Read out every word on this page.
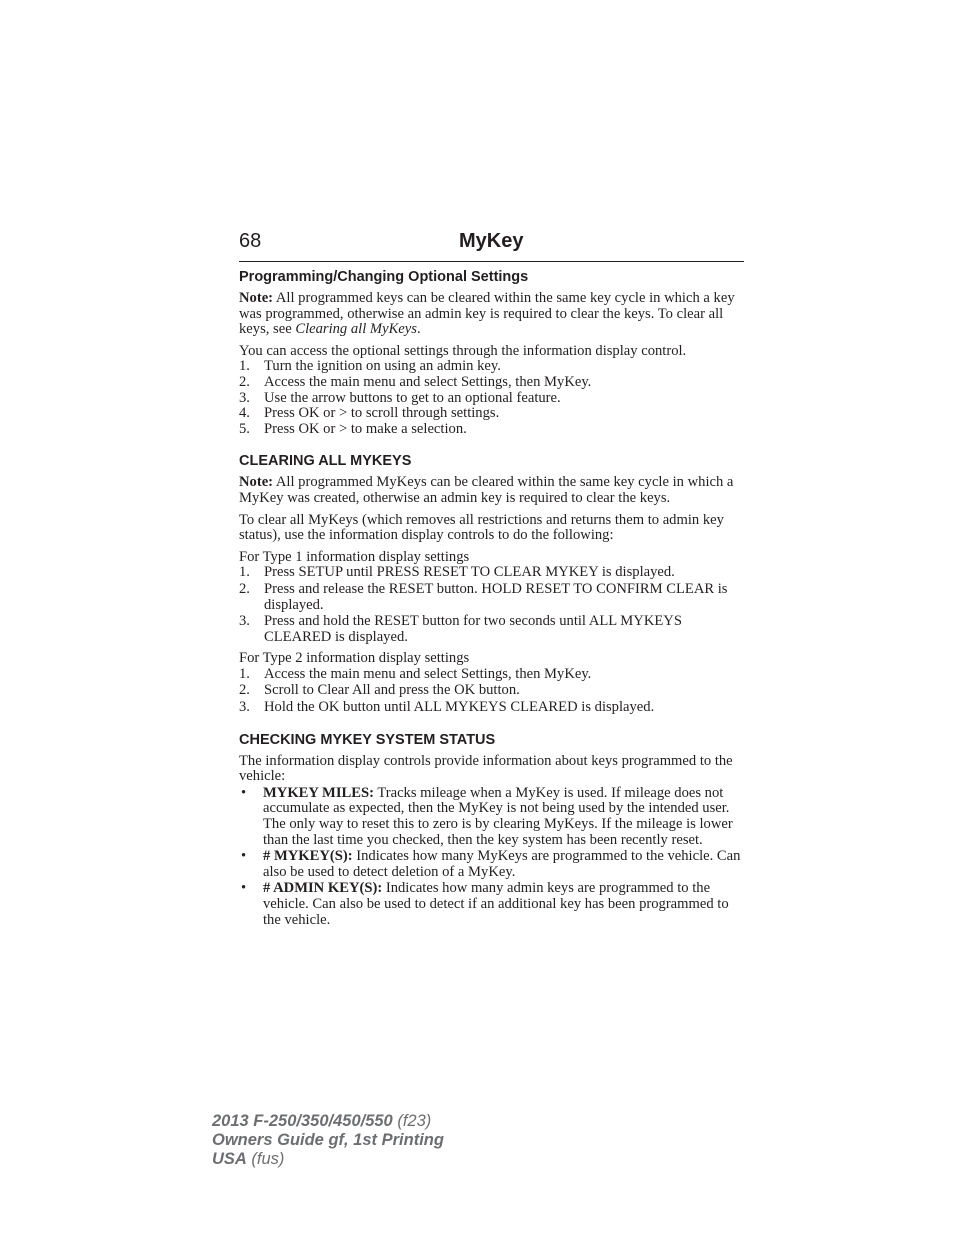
68	MyKey
Programming/Changing Optional Settings

Note: All programmed keys can be cleared within the same key cycle in which a key was programmed, otherwise an admin key is required to clear the keys. To clear all keys, see Clearing all MyKeys.

You can access the optional settings through the information display control.

1. Turn the ignition on using an admin key.
2. Access the main menu and select Settings, then MyKey.
3. Use the arrow buttons to get to an optional feature.
4. Press OK or > to scroll through settings.
5. Press OK or > to make a selection.
CLEARING ALL MYKEYS

Note: All programmed MyKeys can be cleared within the same key cycle in which a MyKey was created, otherwise an admin key is required to clear the keys.

To clear all MyKeys (which removes all restrictions and returns them to admin key status), use the information display controls to do the following:

For Type 1 information display settings

1. Press SETUP until PRESS RESET TO CLEAR MYKEY is displayed.
2. Press and release the RESET button. HOLD RESET TO CONFIRM CLEAR is displayed.
3. Press and hold the RESET button for two seconds until ALL MYKEYS CLEARED is displayed.

For Type 2 information display settings

1. Access the main menu and select Settings, then MyKey.
2. Scroll to Clear All and press the OK button.
3. Hold the OK button until ALL MYKEYS CLEARED is displayed.
CHECKING MYKEY SYSTEM STATUS

The information display controls provide information about keys programmed to the vehicle:

• MYKEY MILES: Tracks mileage when a MyKey is used. If mileage does not accumulate as expected, then the MyKey is not being used by the intended user. The only way to reset this to zero is by clearing MyKeys. If the mileage is lower than the last time you checked, then the key system has been recently reset.
• # MYKEY(S): Indicates how many MyKeys are programmed to the vehicle. Can also be used to detect deletion of a MyKey.
• # ADMIN KEY(S): Indicates how many admin keys are programmed to the vehicle. Can also be used to detect if an additional key has been programmed to the vehicle.
2013 F-250/350/450/550 (f23)
Owners Guide gf, 1st Printing
USA (fus)
